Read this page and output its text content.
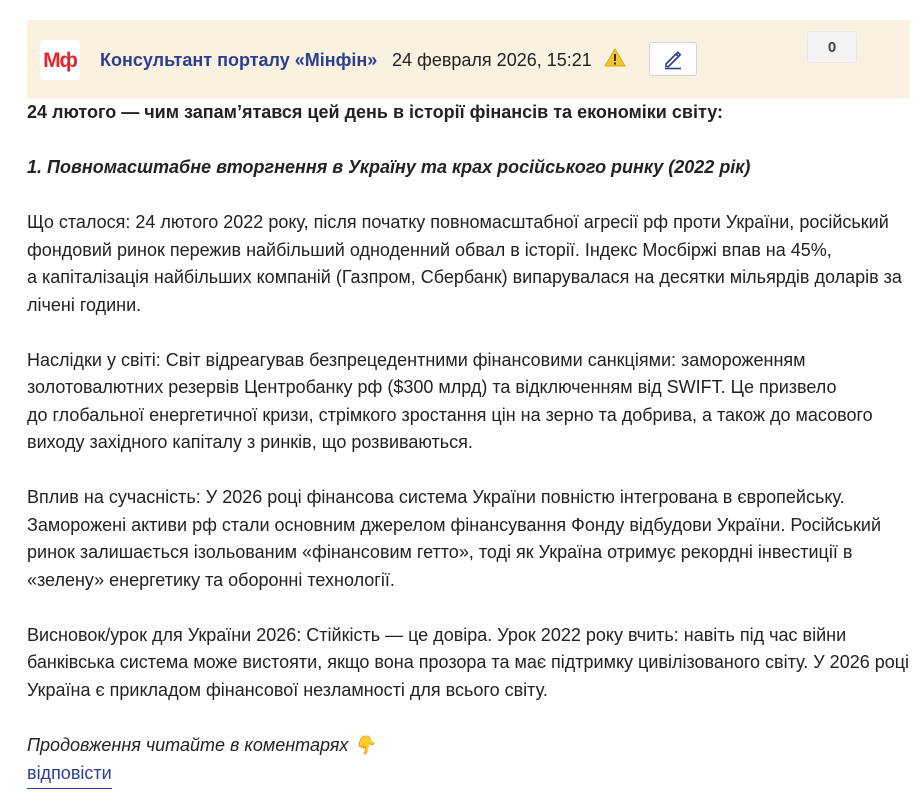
Мф Консультант порталу «Мінфін» 24 февраля 2026, 15:21
0

24 лютого — чим запам’ятався цей день в історії фінансів та економіки світу:

1. Повномасштабне вторгнення в Україну та крах російського ринку (2022 рік)

Що сталося: 24 лютого 2022 року, після початку повномасштабної агресії рф проти України, російський
фондовий ринок пережив найбільший одноденний обвал в історії. Індекс Мосбіржі впав на 45%,
а капіталізація найбільших компаній (Газпром, Сбербанк) випарувалася на десятки мільярдів доларів за
лічені години.

Наслідки у світі: Світ відреагував безпрецедентними фінансовими санкціями: замороженням
золотовалютних резервів Центробанку рф ($300 млрд) та відключенням від SWIFT. Це призвело
до глобальної енергетичної кризи, стрімкого зростання цін на зерно та добрива, а також до масового
виходу західного капіталу з ринків, що розвиваються.

Вплив на сучасність: У 2026 році фінансова система України повністю інтегрована в європейську.
Заморожені активи рф стали основним джерелом фінансування Фонду відбудови України. Російський
ринок залишається ізольованим «фінансовим гетто», тоді як Україна отримує рекордні інвестиції в
«зелену» енергетику та оборонні технології.

Висновок/урок для України 2026: Стійкість — це довіра. Урок 2022 року вчить: навіть під час війни
банківська система може вистояти, якщо вона прозора та має підтримку цивілізованого світу. У 2026 році
Україна є прикладом фінансової незламності для всього світу.

Продовження читайте в коментарях 👇

відповісти
